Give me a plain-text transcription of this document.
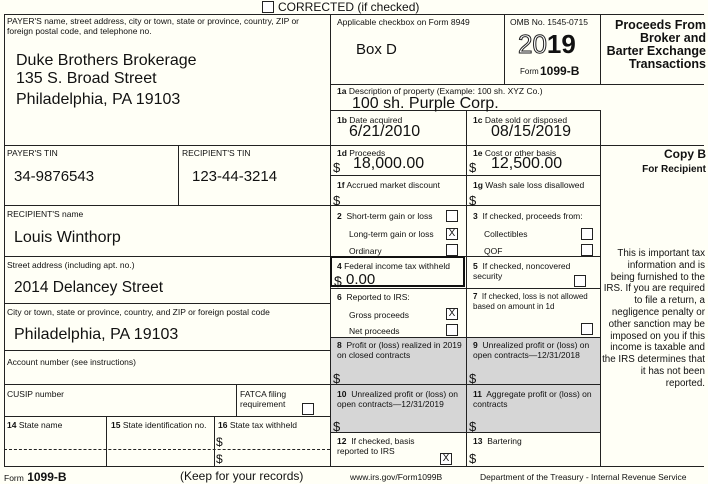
CORRECTED (if checked)
PAYER'S name, street address, city or town, state or province, country, ZIP or foreign postal code, and telephone no.
Duke Brothers Brokerage
135 S. Broad Street
Philadelphia, PA 19103
Applicable checkbox on Form 8949
Box D
OMB No. 1545-0715
2019
Form 1099-B
Proceeds From
Broker and
Barter Exchange
Transactions
1a Description of property (Example: 100 sh. XYZ Co.)
100 sh. Purple Corp.
1b Date acquired
6/21/2010
1c Date sold or disposed
08/15/2019
PAYER'S TIN
34-9876543
RECIPIENT'S TIN
123-44-3214
1d Proceeds
$ 18,000.00
1e Cost or other basis
$ 12,500.00
Copy B
For Recipient
1f Accrued market discount
$
1g Wash sale loss disallowed
$
RECIPIENT'S name
Louis Winthorp
2 Short-term gain or loss
Long-term gain or loss X
Ordinary
3 If checked, proceeds from:
Collectibles
QOF	This is important tax information and is being furnished to the IRS. If you are required to file a return, a negligence penalty or other sanction may be imposed on you if this income is taxable and the IRS determines that it has not been reported.
Street address (including apt. no.)
2014 Delancey Street
4 Federal income tax withheld
$ 0.00
5 If checked, noncovered security
City or town, state or province, country, and ZIP or foreign postal code
Philadelphia, PA 19103
6 Reported to IRS:
Gross proceeds	X
Net proceeds
7 If checked, loss is not allowed based on amount in 1d
Account number (see instructions)
8 Profit or (loss) realized in 2019 on closed contracts
$
9 Unrealized profit or (loss) on open contracts—12/31/2018
$
CUSIP number	FATCA filing requirement
10 Unrealized profit or (loss) on open contracts—12/31/2019
$
11 Aggregate profit or (loss) on contracts
$
14 State name	15 State identification no. 16 State tax withheld
$
$
12 If checked, basis reported to IRS
X
13 Bartering
$
Form 1099-B	(Keep for your records)	www.irs.gov/Form1099B	Department of the Treasury - Internal Revenue Service
